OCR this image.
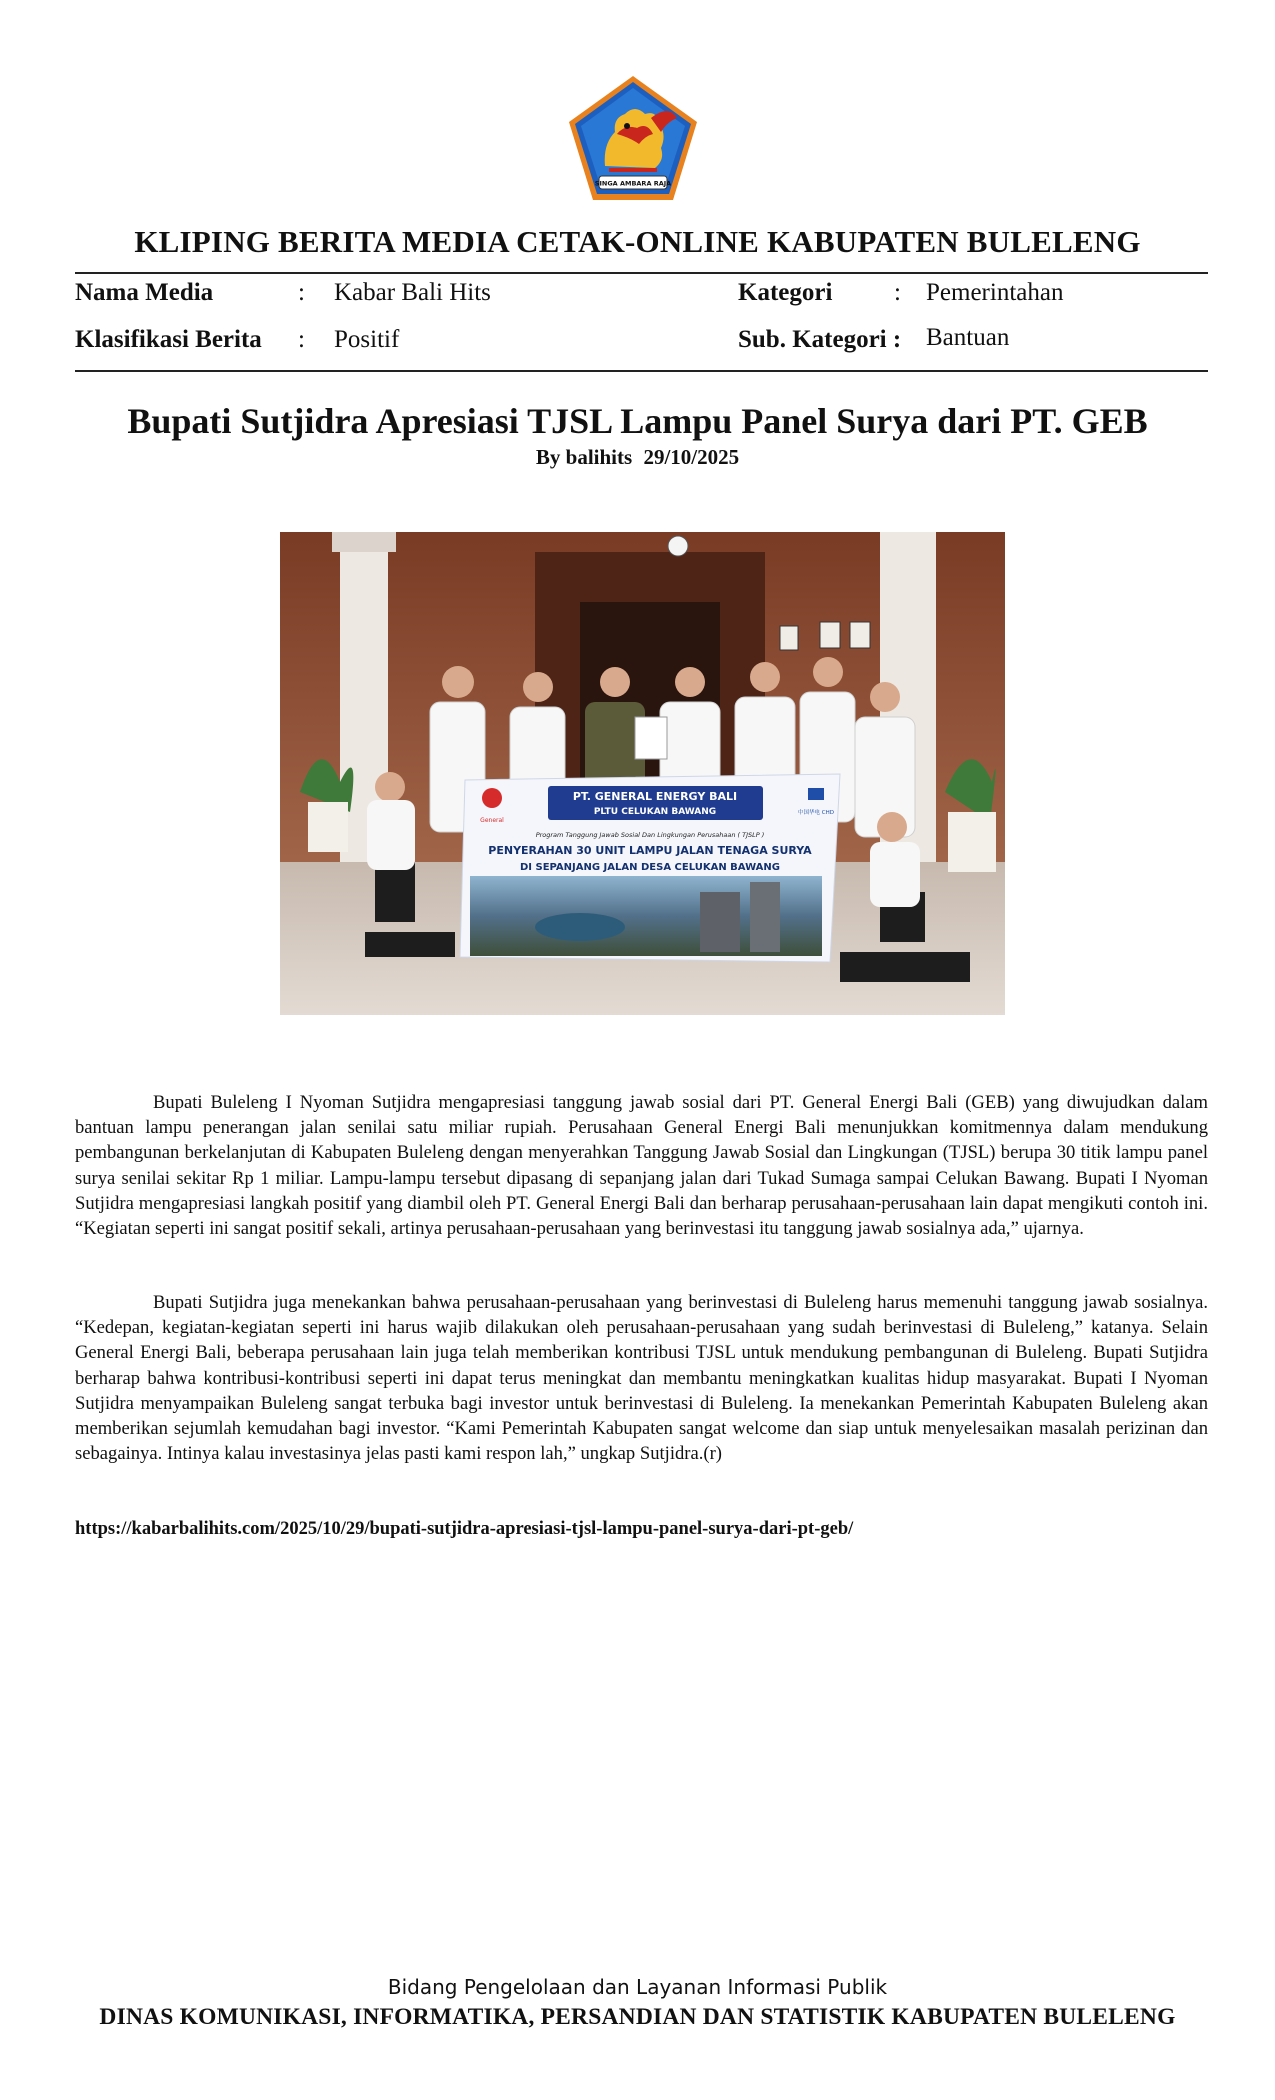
SINGA AMBARA RAJA
KLIPING BERITA MEDIA CETAK-ONLINE KABUPATEN BULELENG
Nama Media	: Kabar Bali Hits
Klasifikasi Berita : Positif
Kategori : Pemerintahan
Sub. Kategori : Bantuan
Bupati Sutjidra Apresiasi TJSL Lampu Panel Surya dari PT. GEB
By balihits 29/10/2025
PT. GENERAL ENERGY BALI
PLTU CELUKAN BAWANG
General
中国华电 CHD
Program Tanggung Jawab Sosial Dan Lingkungan Perusahaan ( TJSLP )
PENYERAHAN 30 UNIT LAMPU JALAN TENAGA SURYA
DI SEPANJANG JALAN DESA CELUKAN BAWANG
Bupati Buleleng I Nyoman Sutjidra mengapresiasi tanggung jawab sosial dari PT. General Energi Bali (GEB) yang diwujudkan dalam bantuan lampu penerangan jalan senilai satu miliar rupiah. Perusahaan General Energi Bali menunjukkan komitmennya dalam mendukung pembangunan berkelanjutan di Kabupaten Buleleng dengan menyerahkan Tanggung Jawab Sosial dan Lingkungan (TJSL) berupa 30 titik lampu panel surya senilai sekitar Rp 1 miliar. Lampu-lampu tersebut dipasang di sepanjang jalan dari Tukad Sumaga sampai Celukan Bawang. Bupati I Nyoman Sutjidra mengapresiasi langkah positif yang diambil oleh PT. General Energi Bali dan berharap perusahaan-perusahaan lain dapat mengikuti contoh ini. “Kegiatan seperti ini sangat positif sekali, artinya perusahaan-perusahaan yang berinvestasi itu tanggung jawab sosialnya ada,” ujarnya.
Bupati Sutjidra juga menekankan bahwa perusahaan-perusahaan yang berinvestasi di Buleleng harus memenuhi tanggung jawab sosialnya. “Kedepan, kegiatan-kegiatan seperti ini harus wajib dilakukan oleh perusahaan-perusahaan yang sudah berinvestasi di Buleleng,” katanya. Selain General Energi Bali, beberapa perusahaan lain juga telah memberikan kontribusi TJSL untuk mendukung pembangunan di Buleleng. Bupati Sutjidra berharap bahwa kontribusi-kontribusi seperti ini dapat terus meningkat dan membantu meningkatkan kualitas hidup masyarakat. Bupati I Nyoman Sutjidra menyampaikan Buleleng sangat terbuka bagi investor untuk berinvestasi di Buleleng. Ia menekankan Pemerintah Kabupaten Buleleng akan memberikan sejumlah kemudahan bagi investor. “Kami Pemerintah Kabupaten sangat welcome dan siap untuk menyelesaikan masalah perizinan dan sebagainya. Intinya kalau investasinya jelas pasti kami respon lah,” ungkap Sutjidra.(r)
https://kabarbalihits.com/2025/10/29/bupati-sutjidra-apresiasi-tjsl-lampu-panel-surya-dari-pt-geb/
Bidang Pengelolaan dan Layanan Informasi Publik
DINAS KOMUNIKASI, INFORMATIKA, PERSANDIAN DAN STATISTIK KABUPATEN BULELENG
